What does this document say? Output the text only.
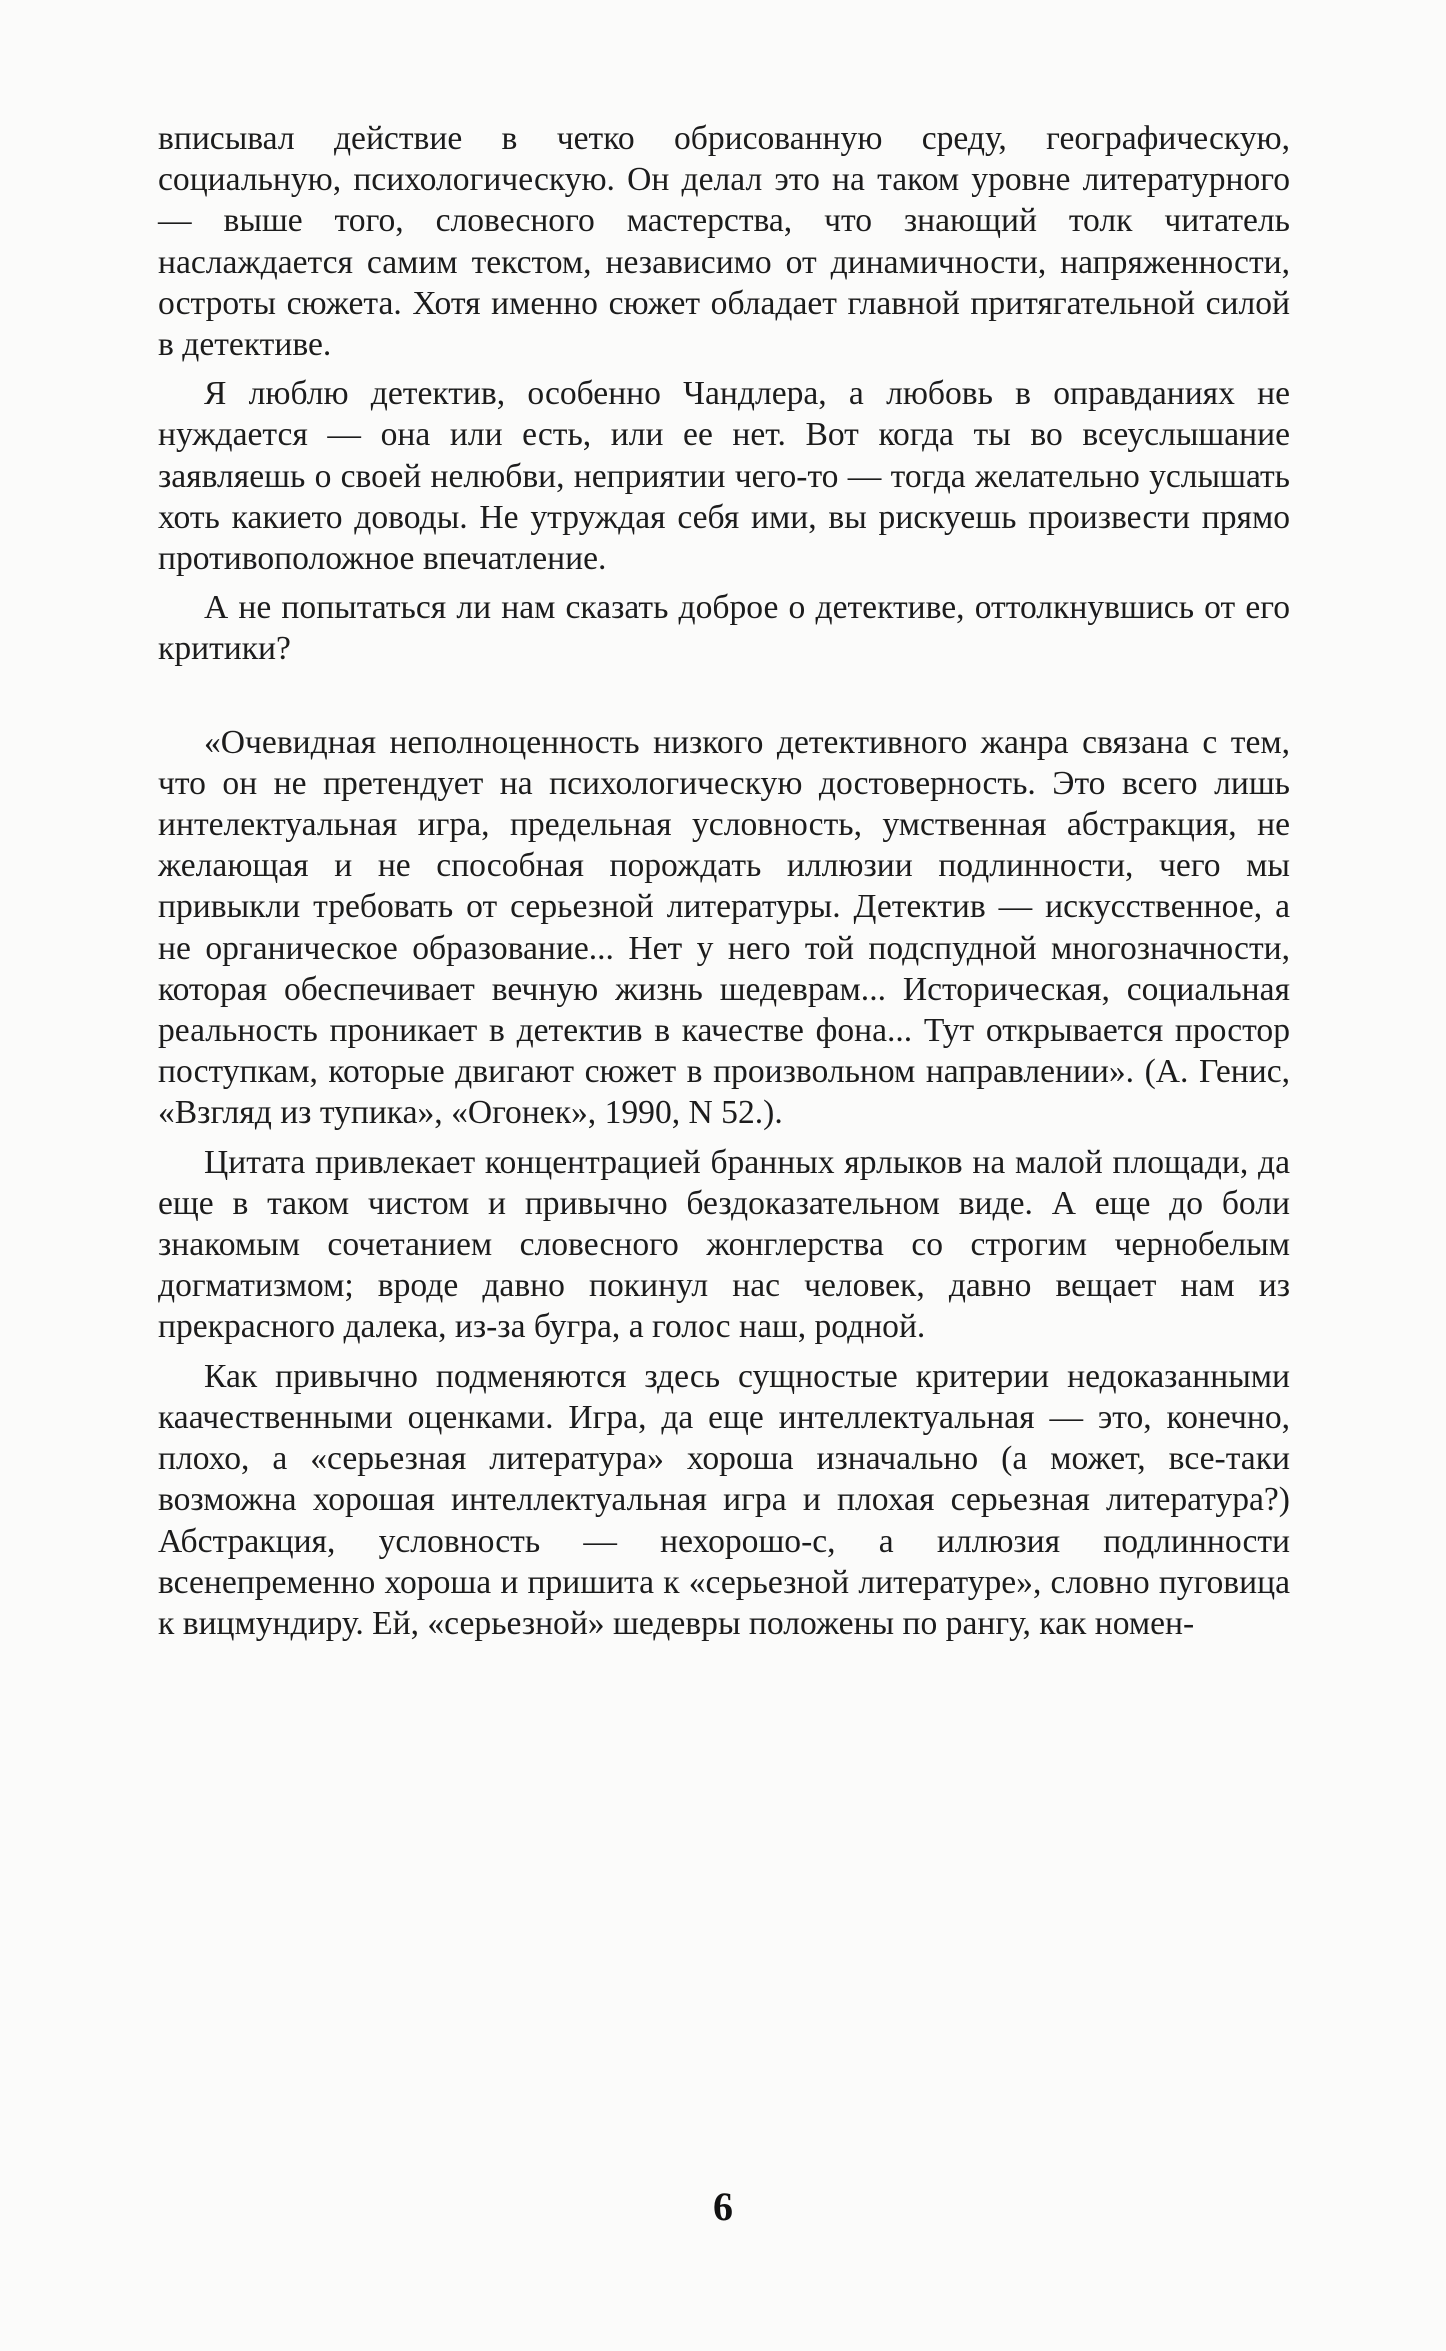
вписывал действие в четко обрисованную среду, географическую, социальную, психологическую. Он делал это на таком уровне литературного — выше того, словесного мастерства, что знающий толк читатель наслаждается самим текстом, независимо от динамичности, напряженности, остроты сюжета. Хотя именно сюжет обладает главной притягательной силой в детективе.

Я люблю детектив, особенно Чандлера, а любовь в оправданиях не нуждается — она или есть, или ее нет. Вот когда ты во всеуслышание заявляешь о своей нелюбви, неприятии чего-то — тогда желательно услышать хоть какието доводы. Не утруждая себя ими, вы рискуешь произвести прямо противоположное впечатление.

А не попытаться ли нам сказать доброе о детективе, оттолкнувшись от его критики?

«Очевидная неполноценность низкого детективного жанра связана с тем, что он не претендует на психологическую достоверность. Это всего лишь интелектуальная игра, предельная условность, умственная абстракция, не желающая и не способная порождать иллюзии подлинности, чего мы привыкли требовать от серьезной литературы. Детектив — искусственное, а не органическое образование... Нет у него той подспудной многозначности, которая обеспечивает вечную жизнь шедеврам... Историческая, социальная реальность проникает в детектив в качестве фона... Тут открывается простор поступкам, которые двигают сюжет в произвольном направлении». (А. Генис, «Взгляд из тупика», «Огонек», 1990, N 52.).

Цитата привлекает концентрацией бранных ярлыков на малой площади, да еще в таком чистом и привычно бездоказательном виде. А еще до боли знакомым сочетанием словесного жонглерства со строгим чернобелым догматизмом; вроде давно покинул нас человек, давно вещает нам из прекрасного далека, из-за бугра, а голос наш, родной.

Как привычно подменяются здесь сущностые критерии недоказанными каачественными оценками. Игра, да еще интеллектуальная — это, конечно, плохо, а «серьезная литература» хороша изначально (а может, все-таки возможна хорошая интеллектуальная игра и плохая серьезная литература?) Абстракция, условность — нехорошо-с, а иллюзия подлинности всенепременно хороша и пришита к «серьезной литературе», словно пуговица к вицмундиру. Ей, «серьезной» шедевры положены по рангу, как номен-

6
